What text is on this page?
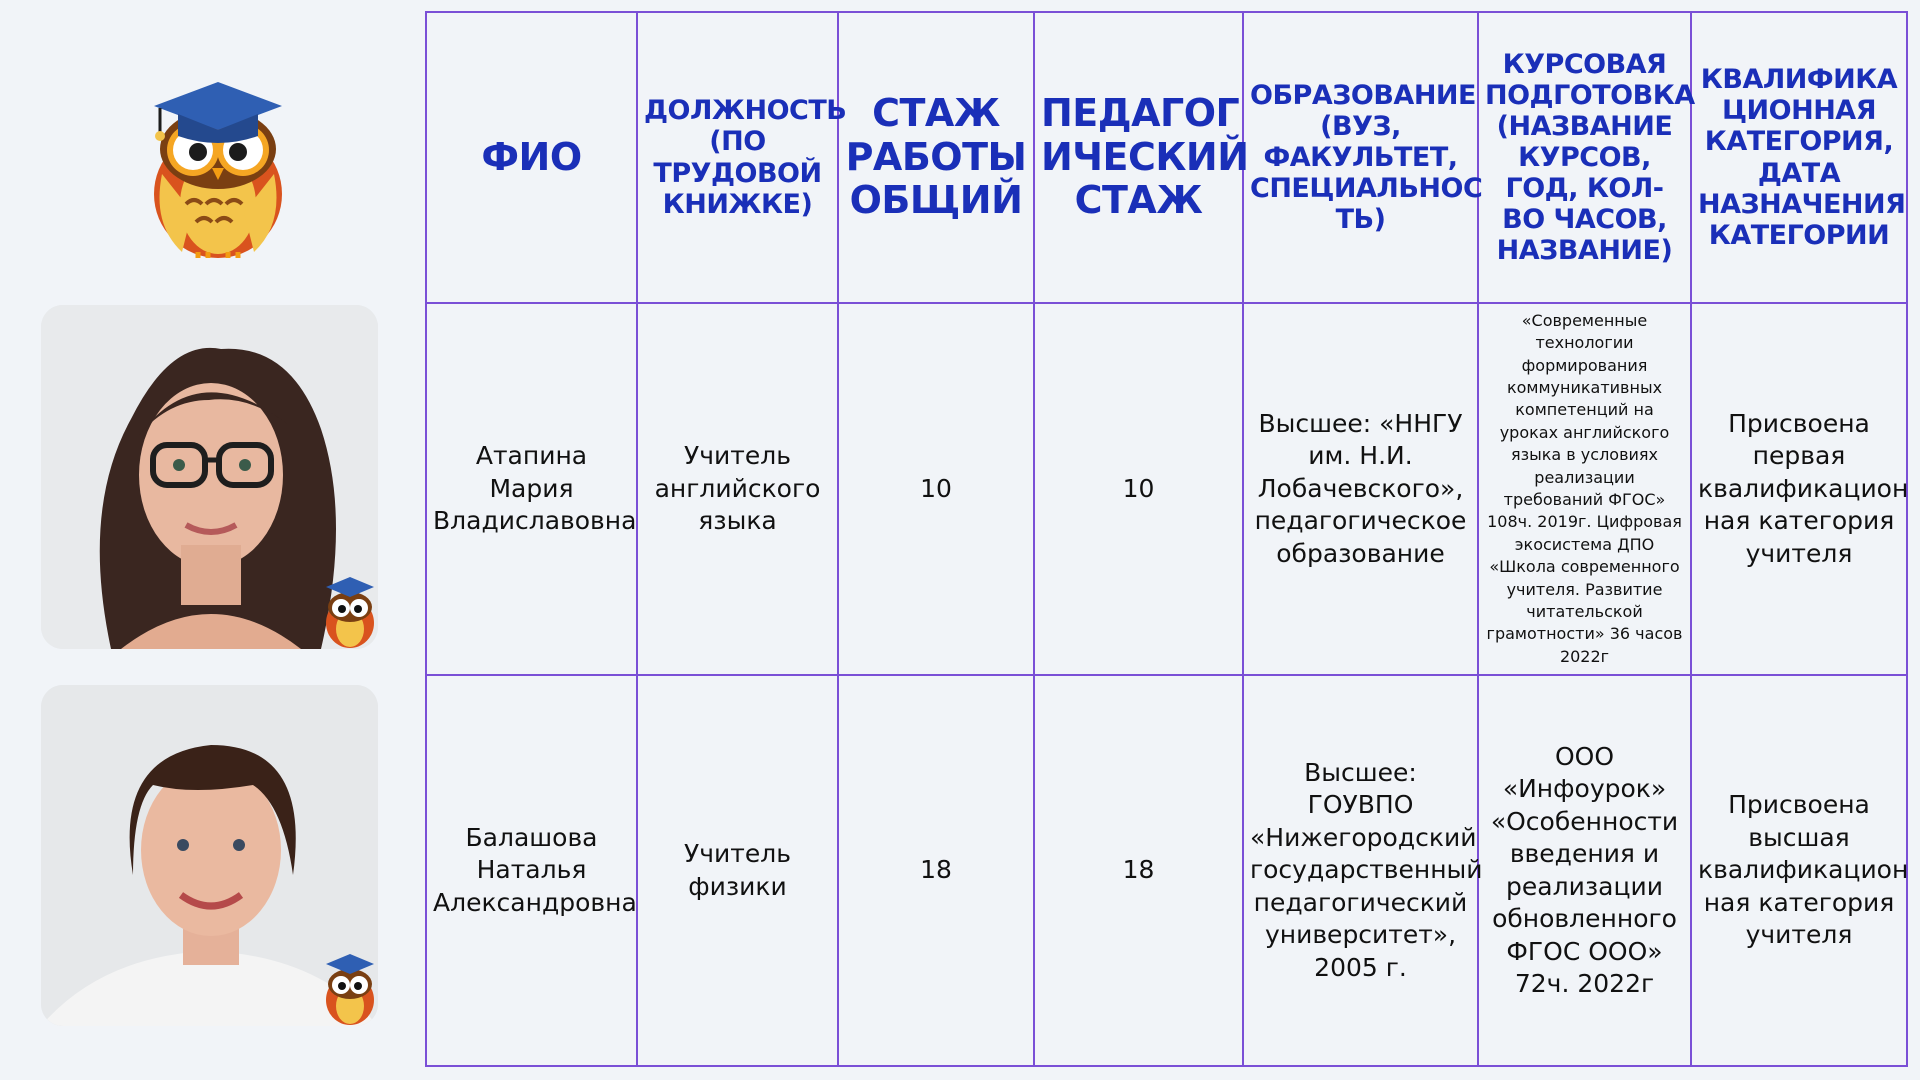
ФИО	ДОЛЖНОСТЬ (ПО ТРУДОВОЙ КНИЖКЕ)	СТАЖ РАБОТЫ ОБЩИЙ	ПЕДАГОГ ИЧЕСКИЙ СТАЖ	ОБРАЗОВАНИЕ (ВУЗ, ФАКУЛЬТЕТ, СПЕЦИАЛЬНОС ТЬ)	КУРСОВАЯ ПОДГОТОВКА (НАЗВАНИЕ КУРСОВ, ГОД, КОЛ-ВО ЧАСОВ, НАЗВАНИЕ)	КВАЛИФИКА ЦИОННАЯ КАТЕГОРИЯ, ДАТА НАЗНАЧЕНИЯ КАТЕГОРИИ
Атапина Мария Владиславовна	Учитель английского языка	10	10	Высшее: «ННГУ им. Н.И. Лобачевского», педагогическое образование	«Современные технологии формирования коммуникативных компетенций на уроках английского языка в условиях реализации требований ФГОС» 108ч. 2019г. Цифровая экосистема ДПО «Школа современного учителя. Развитие читательской грамотности» 36 часов 2022г	Присвоена первая квалификацион ная категория учителя
Балашова Наталья Александровна	Учитель физики	18	18	Высшее: ГОУВПО «Нижегородский государственный педагогический университет», 2005 г.	ООО «Инфоурок» «Особенности введения и реализации обновленного ФГОС ООО» 72ч. 2022г	Присвоена высшая квалификацион ная категория учителя
